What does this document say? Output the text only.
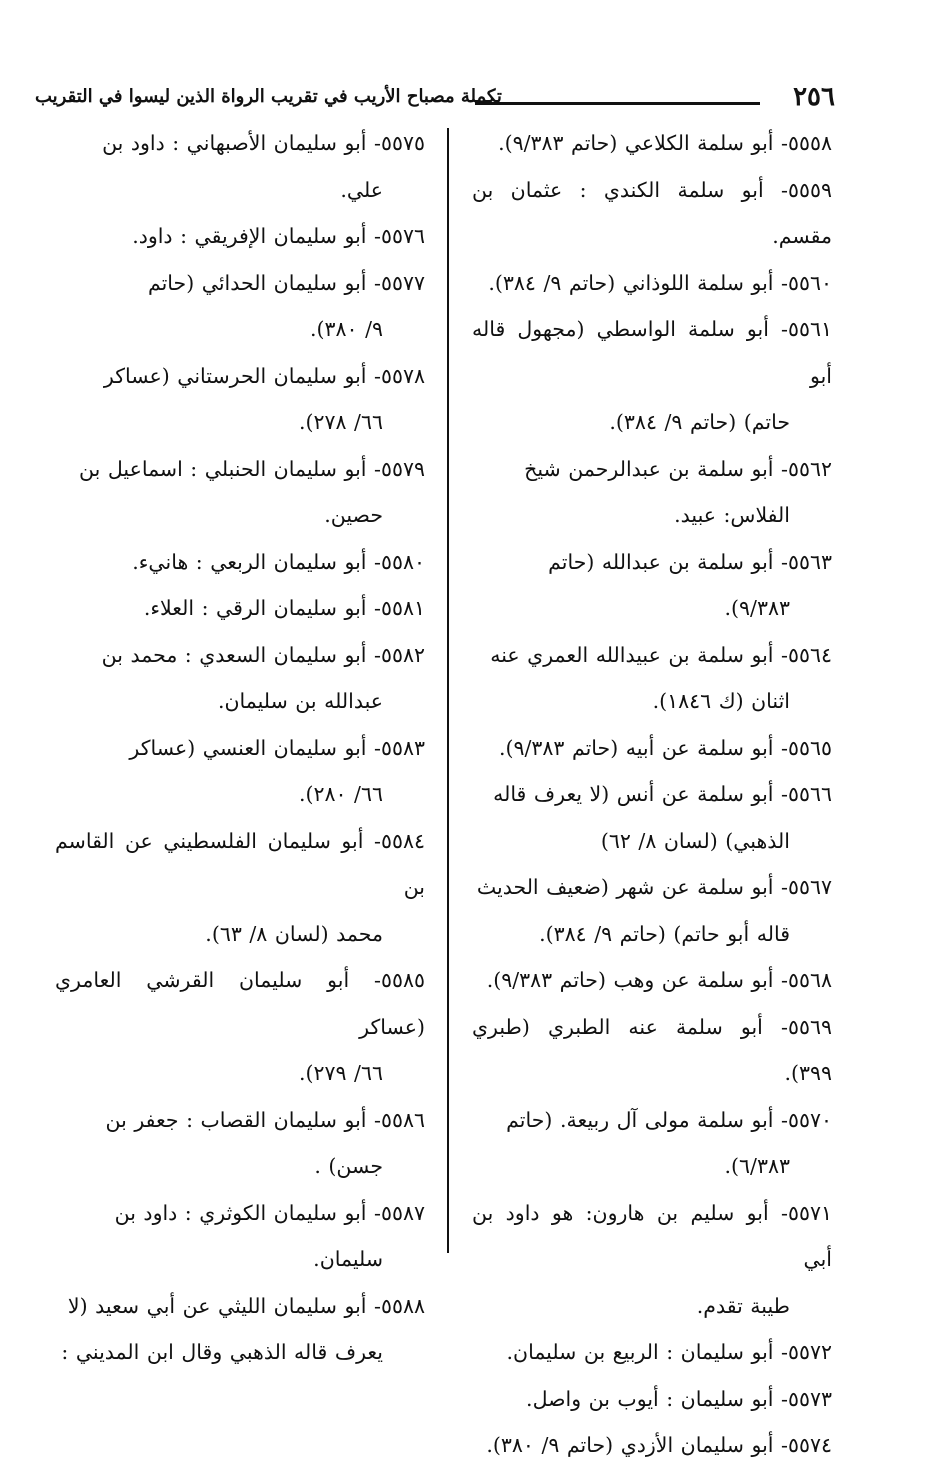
٢٥٦
تكملة مصباح الأريب في تقريب الرواة الذين ليسوا في التقريب
٥٥٥٨- أبو سلمة الكلاعي (حاتم ٩/٣٨٣).
٥٥٥٩- أبو سلمة الكندي : عثمان بن مقسم.
٥٥٦٠- أبو سلمة اللوذاني (حاتم ٩/ ٣٨٤).
٥٥٦١- أبو سلمة الواسطي (مجهول قاله أبو
حاتم) (حاتم ٩/ ٣٨٤).
٥٥٦٢- أبو سلمة بن عبدالرحمن شيخ
الفلاس: عبيد.
٥٥٦٣- أبو سلمة بن عبدالله (حاتم
٩/٣٨٣).
٥٥٦٤- أبو سلمة بن عبيدالله العمري عنه
اثنان (ك ١٨٤٦).
٥٥٦٥- أبو سلمة عن أبيه (حاتم ٩/٣٨٣).
٥٥٦٦- أبو سلمة عن أنس (لا يعرف قاله
الذهبي) (لسان ٨/ ٦٢)
٥٥٦٧- أبو سلمة عن شهر (ضعيف الحديث
قاله أبو حاتم) (حاتم ٩/ ٣٨٤).
٥٥٦٨- أبو سلمة عن وهب (حاتم ٩/٣٨٣).
٥٥٦٩- أبو سلمة عنه الطبري (طبري ٣٩٩).
٥٥٧٠- أبو سلمة مولى آل ربيعة. (حاتم
٦/٣٨٣).
٥٥٧١- أبو سليم بن هارون: هو داود بن أبي
طيبة تقدم.
٥٥٧٢- أبو سليمان : الربيع بن سليمان.
٥٥٧٣- أبو سليمان : أيوب بن واصل.
٥٥٧٤- أبو سليمان الأزدي (حاتم ٩/ ٣٨٠).
٥٥٧٥- أبو سليمان الأصبهاني : داود بن
علي.
٥٥٧٦- أبو سليمان الإفريقي : داود.
٥٥٧٧- أبو سليمان الحدائي (حاتم
٩/ ٣٨٠).
٥٥٧٨- أبو سليمان الحرستاني (عساكر
٦٦/ ٢٧٨).
٥٥٧٩- أبو سليمان الحنبلي : اسماعيل بن
حصين.
٥٥٨٠- أبو سليمان الربعي : هانيء.
٥٥٨١- أبو سليمان الرقي : العلاء.
٥٥٨٢- أبو سليمان السعدي : محمد بن
عبدالله بن سليمان.
٥٥٨٣- أبو سليمان العنسي (عساكر
٦٦/ ٢٨٠).
٥٥٨٤- أبو سليمان الفلسطيني عن القاسم بن
محمد (لسان ٨/ ٦٣).
٥٥٨٥- أبو سليمان القرشي العامري (عساكر
٦٦/ ٢٧٩).
٥٥٨٦- أبو سليمان القصاب : جعفر بن
جسن) .
٥٥٨٧- أبو سليمان الكوثري : داود بن
سليمان.
٥٥٨٨- أبو سليمان الليثي عن أبي سعيد (لا
يعرف قاله الذهبي وقال ابن المديني :
